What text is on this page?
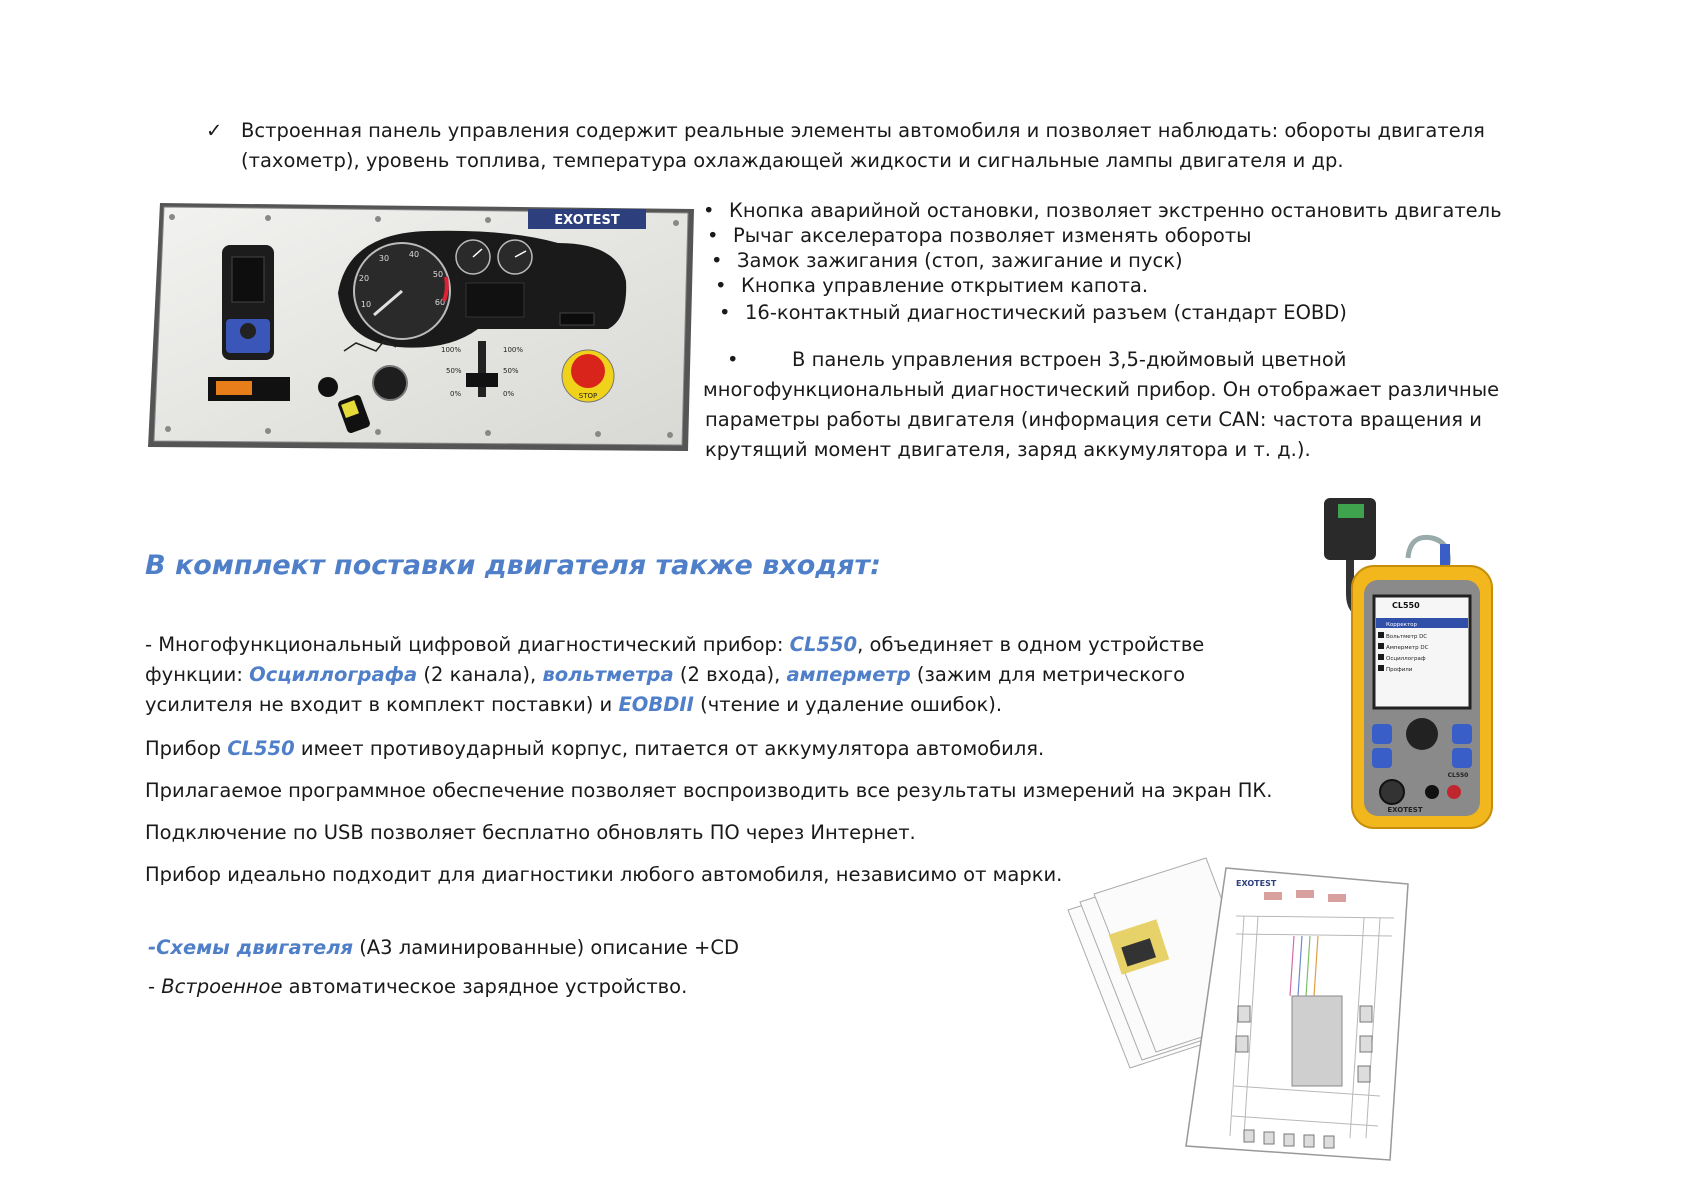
✓ Встроенная панель управления содержит реальные элементы автомобиля и позволяет наблюдать: обороты двигателя (тахометр), уровень топлива, температура охлаждающей жидкости и сигнальные лампы двигателя и др.
EXOTEST
10
20
30 40
50
60
100%
50%
0%
100%
50%
0%	STOP
• Кнопка аварийной остановки, позволяет экстренно остановить двигатель
• Рычаг акселератора позволяет изменять обороты
• Замок зажигания (стоп, зажигание и пуск)
• Кнопка управление открытием капота.
• 16-контактный диагностический разъем (стандарт EOBD)
•	В панель управления встроен 3,5-дюймовый цветной
многофункциональный диагностический прибор. Он отображает различные
параметры работы двигателя (информация сети CAN: частота вращения и
крутящий момент двигателя, заряд аккумулятора и т. д.).
В комплект поставки двигателя также входят:
- Многофункциональный цифровой диагностический прибор: CL550, объединяет в одном устройстве
функции: Осциллографа (2 канала), вольтметра (2 входа), амперметр (зажим для метрического
усилителя не входит в комплект поставки) и EOBDII (чтение и удаление ошибок).
Прибор CL550 имеет противоударный корпус, питается от аккумулятора автомобиля.
Прилагаемое программное обеспечение позволяет воспроизводить все результаты измерений на экран ПК.
Подключение по USB позволяет бесплатно обновлять ПО через Интернет.
Прибор идеально подходит для диагностики любого автомобиля, независимо от марки.
-Схемы двигателя (A3 ламинированные) описание +CD
- Встроенное автоматическое зарядное устройство.
CL550
Корректор
Вольтметр DC
Амперметр DC
Осциллограф
Профили
EXOTEST
CL550
EXOTEST
